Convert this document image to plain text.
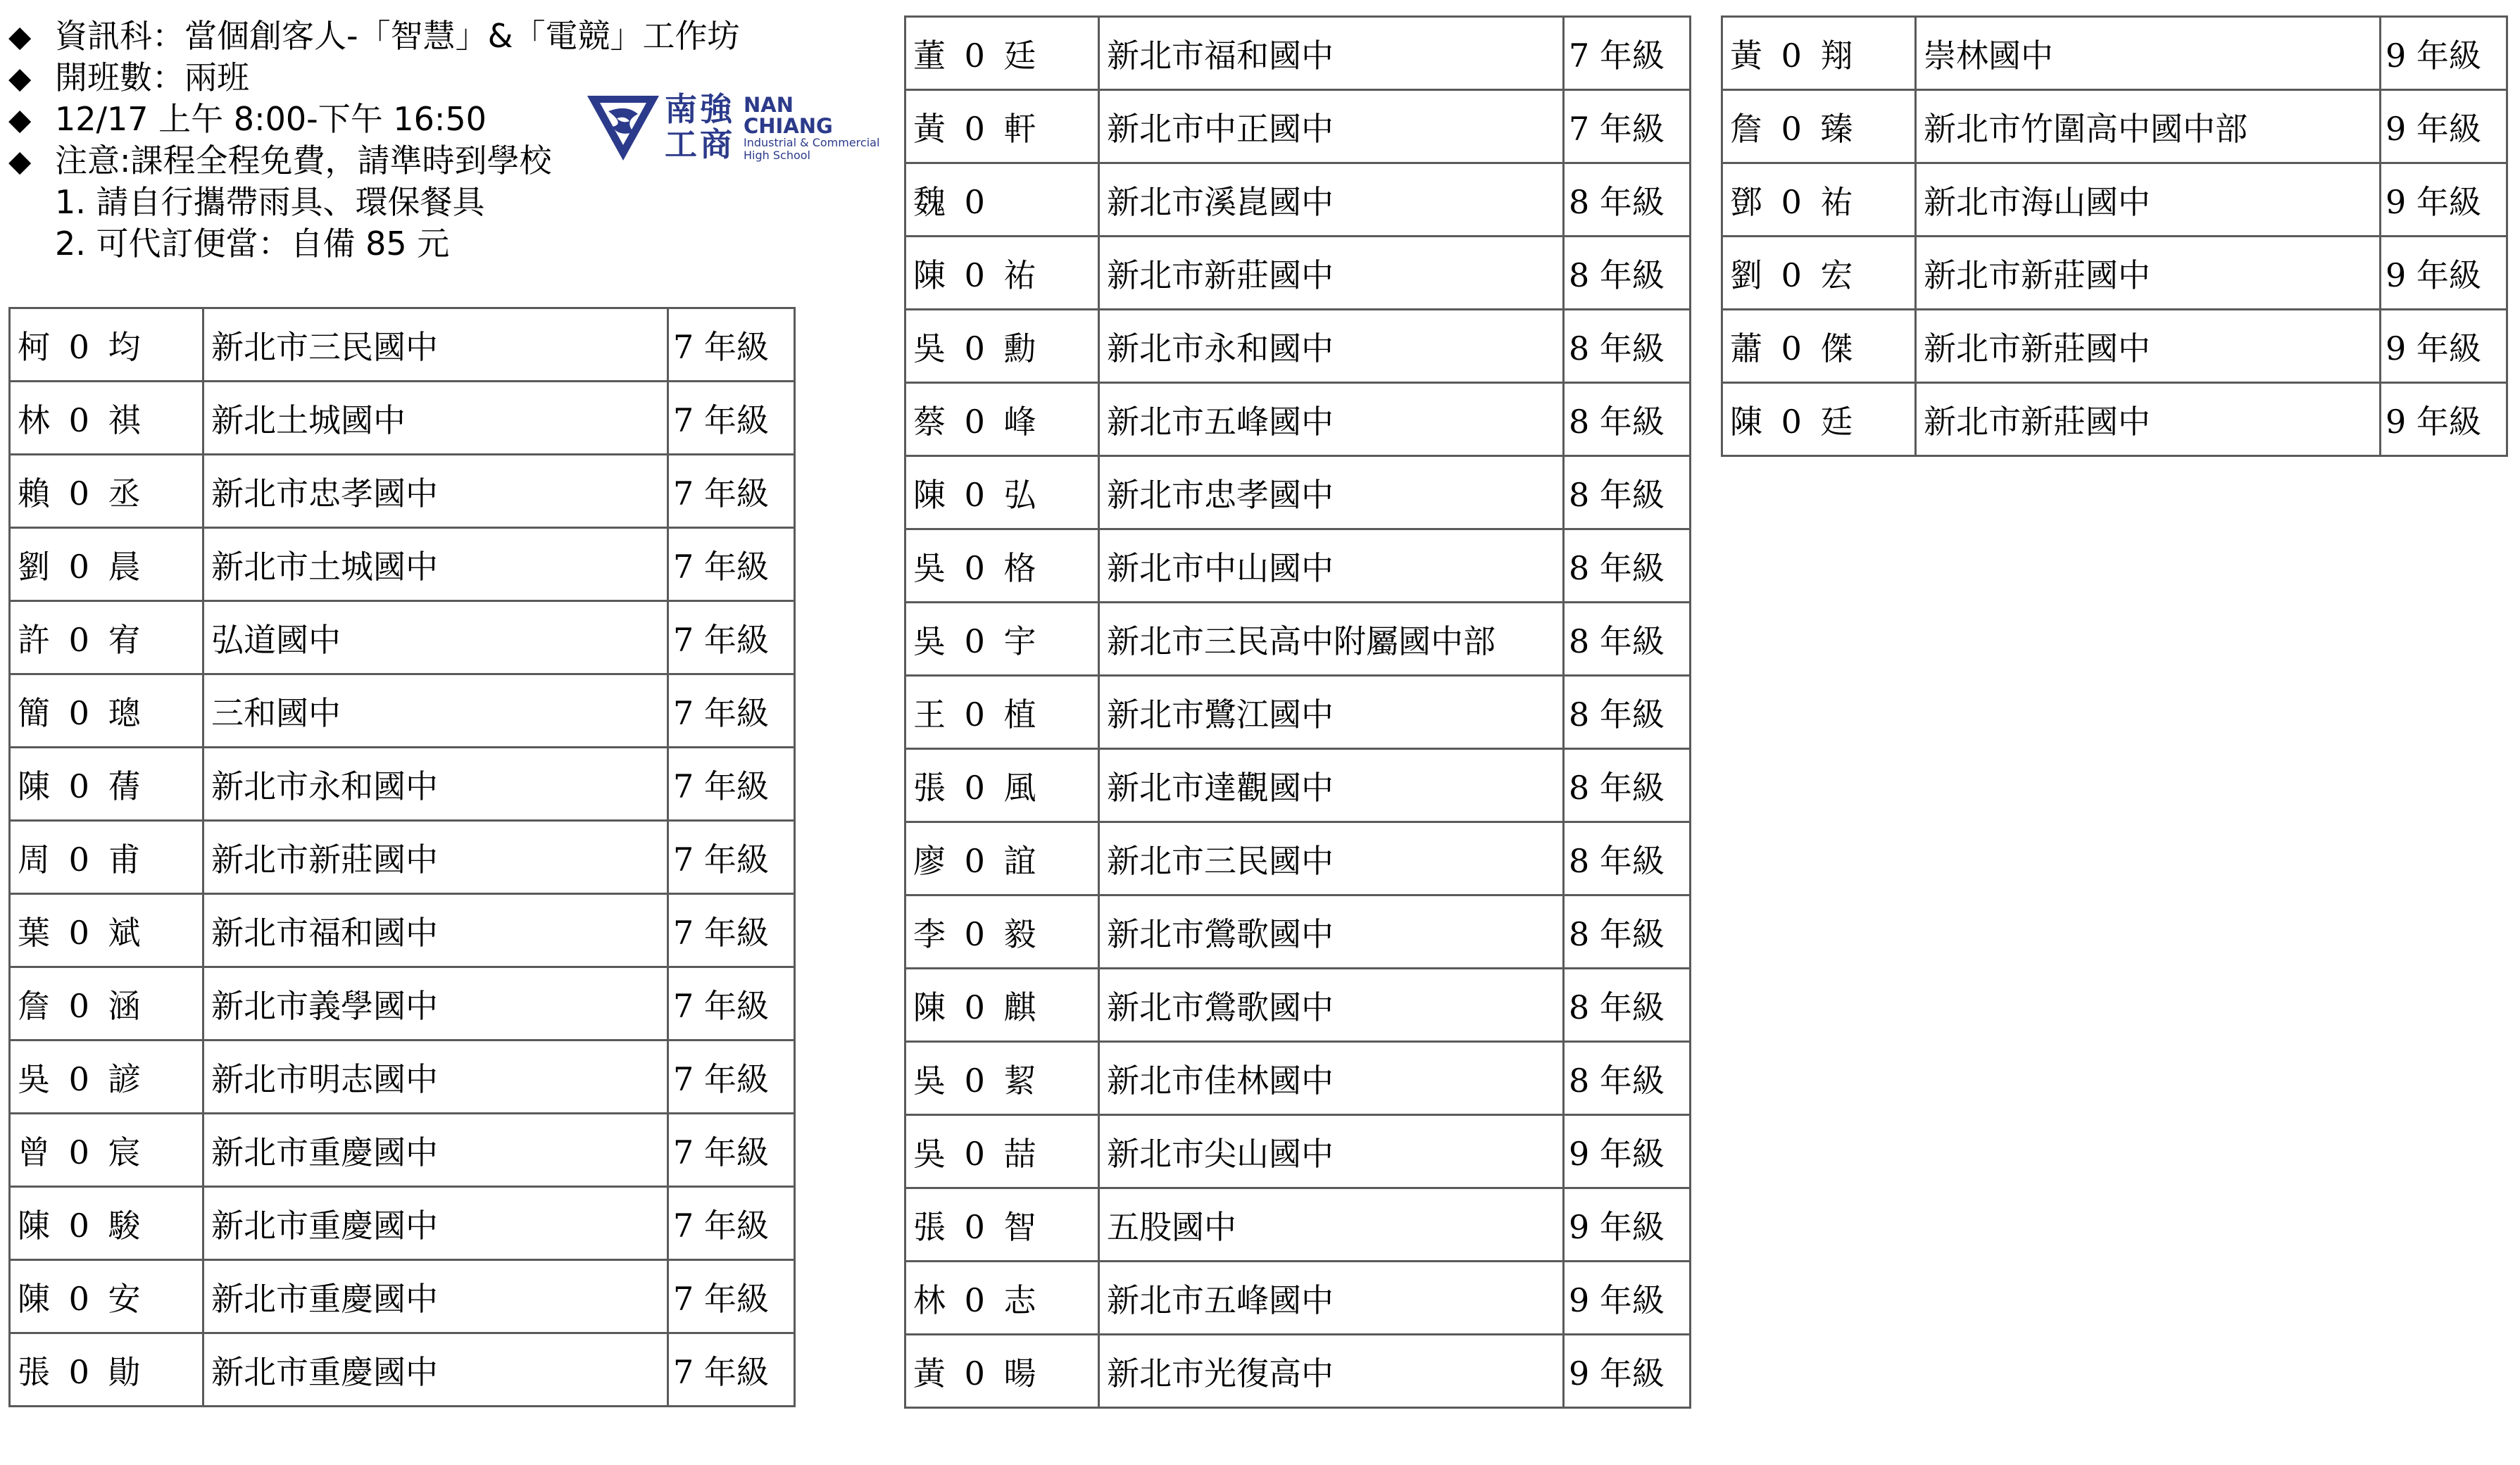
◆ 資訊科：當個創客人-「智慧」&「電競」工作坊
◆ 開班數：兩班
◆ 12/17 上午 8:00-下午 16:50
◆ 注意:課程全程免費，請準時到學校
1. 請自行攜帶雨具、環保餐具
2. 可代訂便當：自備 85 元
南強工商
NAN
CHIANG
Industrial & Commercial
High School
柯 0 均	新北市三民國中	7 年級
林 0 祺	新北土城國中	7 年級
賴 0 丞	新北市忠孝國中	7 年級
劉 0 晨	新北市土城國中	7 年級
許 0 宥	弘道國中	7 年級
簡 0 璁	三和國中	7 年級
陳 0 蒨	新北市永和國中	7 年級
周 0 甫	新北市新莊國中	7 年級
葉 0 斌	新北市福和國中	7 年級
詹 0 涵	新北市義學國中	7 年級
吳 0 諺	新北市明志國中	7 年級
曾 0 宸	新北市重慶國中	7 年級
陳 0 駿	新北市重慶國中	7 年級
陳 0 安	新北市重慶國中	7 年級
張 0 勛	新北市重慶國中	7 年級
董 0 廷	新北市福和國中	7 年級
黃 0 軒	新北市中正國中	7 年級
魏 0	新北市溪崑國中	8 年級
陳 0 祐	新北市新莊國中	8 年級
吳 0 勳	新北市永和國中	8 年級
蔡 0 峰	新北市五峰國中	8 年級
陳 0 弘	新北市忠孝國中	8 年級
吳 0 格	新北市中山國中	8 年級
吳 0 宇	新北市三民高中附屬國中部	8 年級
王 0 植	新北市鷺江國中	8 年級
張 0 風	新北市達觀國中	8 年級
廖 0 誼	新北市三民國中	8 年級
李 0 毅	新北市鶯歌國中	8 年級
陳 0 麒	新北市鶯歌國中	8 年級
吳 0 絜	新北市佳林國中	8 年級
吳 0 喆	新北市尖山國中	9 年級
張 0 智	五股國中	9 年級
林 0 志	新北市五峰國中	9 年級
黃 0 暘	新北市光復高中	9 年級
黃 0 翔	崇林國中	9 年級
詹 0 臻	新北市竹圍高中國中部	9 年級
鄧 0 祐	新北市海山國中	9 年級
劉 0 宏	新北市新莊國中	9 年級
蕭 0 傑	新北市新莊國中	9 年級
陳 0 廷	新北市新莊國中	9 年級
